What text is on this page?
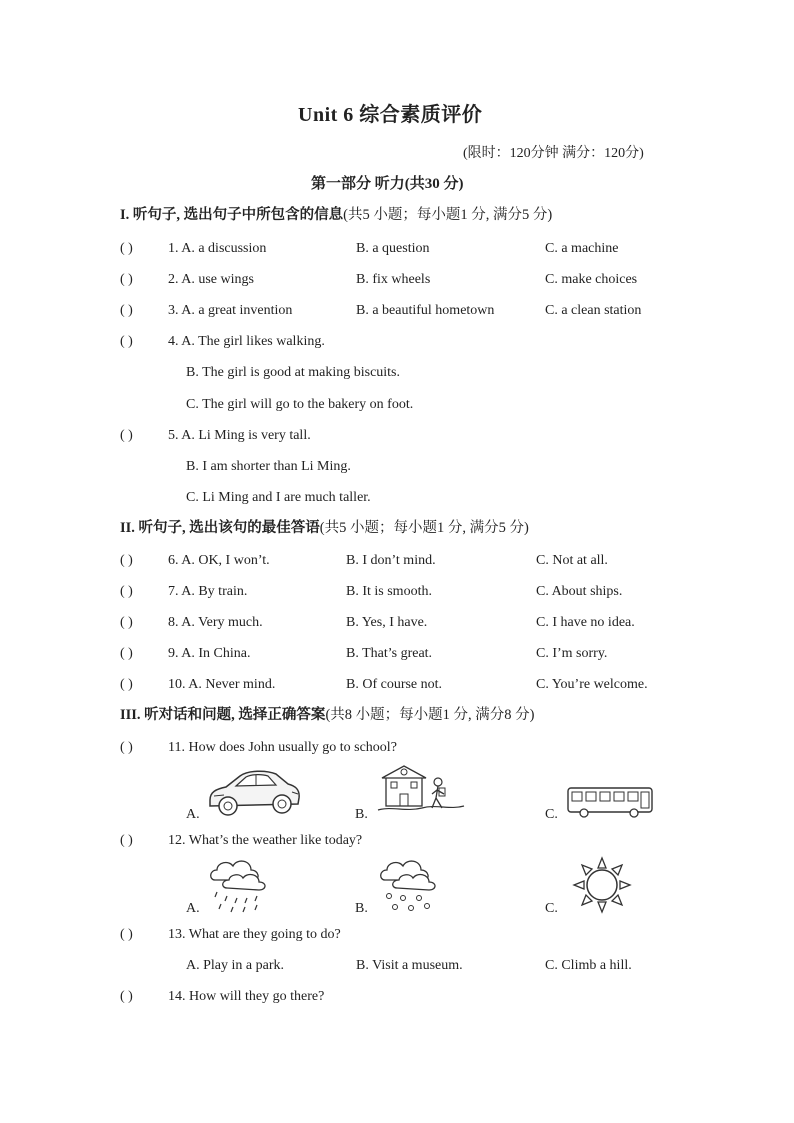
Unit 6 综合素质评价
(限时：120分钟 满分：120分)
第一部分 听力(共30 分)
I. 听句子, 选出句子中所包含的信息(共5 小题；每小题1 分, 满分5 分)
( )	1. A. a discussion	B. a question	C. a machine
( )	2. A. use wings	B. fix wheels	C. make choices
( )	3. A. a great invention	B. a beautiful hometown	C. a clean station
( )	4. A. The girl likes walking.
B. The girl is good at making biscuits.
C. The girl will go to the bakery on foot.
( )	5. A. Li Ming is very tall.
B. I am shorter than Li Ming.
C. Li Ming and I are much taller.
II. 听句子, 选出该句的最佳答语(共5 小题；每小题1 分, 满分5 分)
( )	6. A. OK, I won’t.	B. I don’t mind.	C. Not at all.
( )	7. A. By train.	B. It is smooth.	C. About ships.
( )	8. A. Very much.	B. Yes, I have.	C. I have no idea.
( )	9. A. In China.	B. That’s great.	C. I’m sorry.
( )	10. A. Never mind.	B. Of course not.	C. You’re welcome.
III. 听对话和问题, 选择正确答案(共8 小题；每小题1 分, 满分8 分)
( )	11. How does John usually go to school?
A.	B.	C.
( )	12. What’s the weather like today?
A.	B.	C.
( )	13. What are they going to do?
A. Play in a park.	B. Visit a museum.	C. Climb a hill.
( )	14. How will they go there?
